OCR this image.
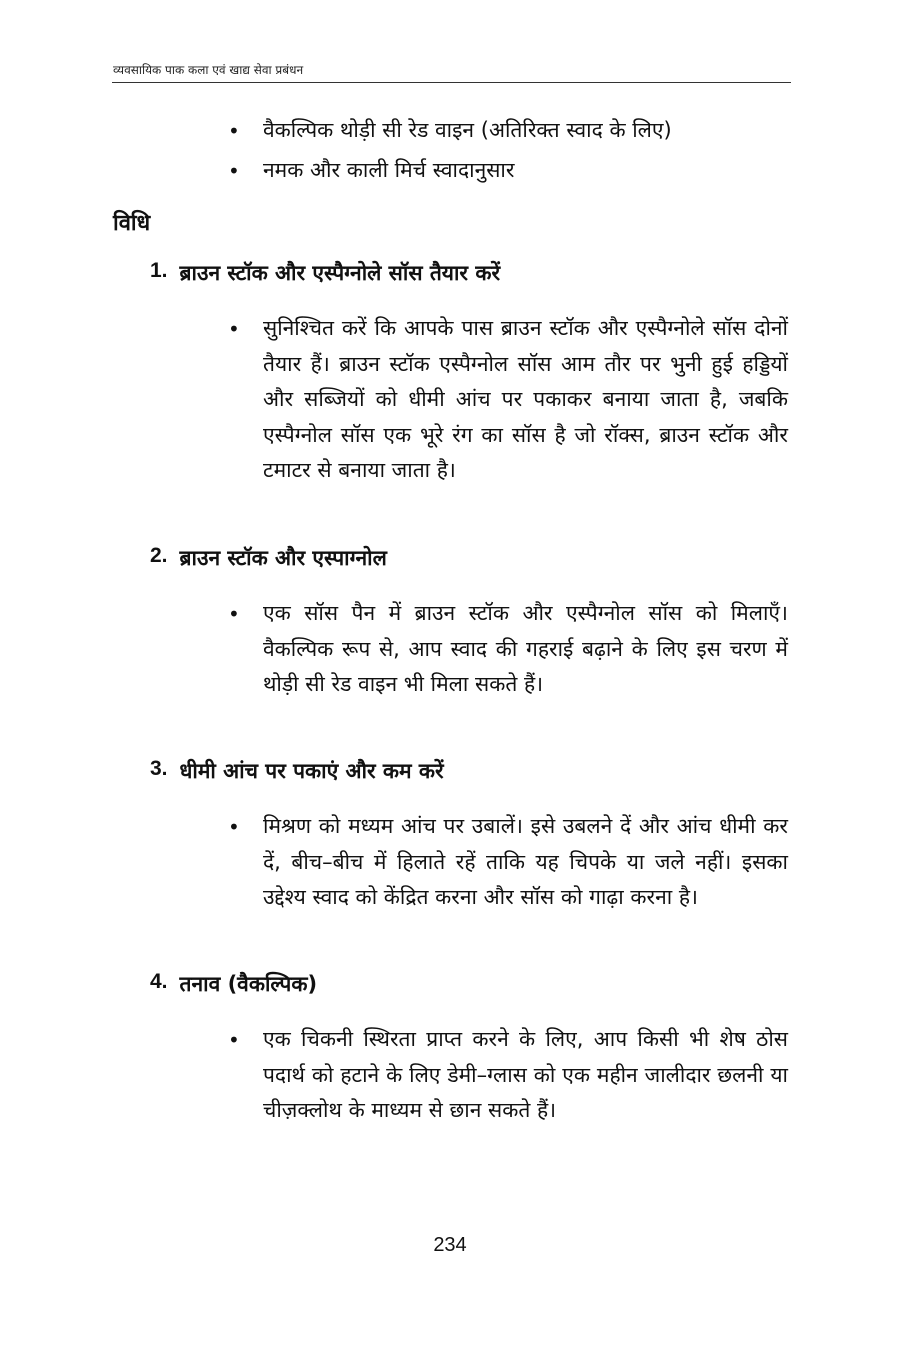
व्यवसायिक पाक कला एवं खाद्य सेवा प्रबंधन
•	वैकल्पिक थोड़ी सी रेड वाइन (अतिरिक्त स्वाद के लिए)

•	नमक और काली मिर्च स्वादानुसार

विधि
1. ब्राउन स्टॉक और एस्पैग्नोले सॉस तैयार करें
•	सुनिश्चित करें कि आपके पास ब्राउन स्टॉक और एस्पैग्नोले सॉस दोनों तैयार हैं। ब्राउन स्टॉक एस्पैग्नोल सॉस आम तौर पर भुनी हुई हड्डियों और सब्जियों को धीमी आंच पर पकाकर बनाया जाता है, जबकि एस्पैग्नोल सॉस एक भूरे रंग का सॉस है जो रॉक्स, ब्राउन स्टॉक और टमाटर से बनाया जाता है।

2. ब्राउन स्टॉक और एस्पाग्नोल
•	एक सॉस पैन में ब्राउन स्टॉक और एस्पैग्नोल सॉस को मिलाएँ। वैकल्पिक रूप से, आप स्वाद की गहराई बढ़ाने के लिए इस चरण में थोड़ी सी रेड वाइन भी मिला सकते हैं।

3. धीमी आंच पर पकाएं और कम करें
•	मिश्रण को मध्यम आंच पर उबालें। इसे उबलने दें और आंच धीमी कर दें, बीच–बीच में हिलाते रहें ताकि यह चिपके या जले नहीं। इसका उद्देश्य स्वाद को केंद्रित करना और सॉस को गाढ़ा करना है।

4. तनाव (वैकल्पिक)
•	एक चिकनी स्थिरता प्राप्त करने के लिए, आप किसी भी शेष ठोस पदार्थ को हटाने के लिए डेमी–ग्लास को एक महीन जालीदार छलनी या चीज़क्लोथ के माध्यम से छान सकते हैं।

234
